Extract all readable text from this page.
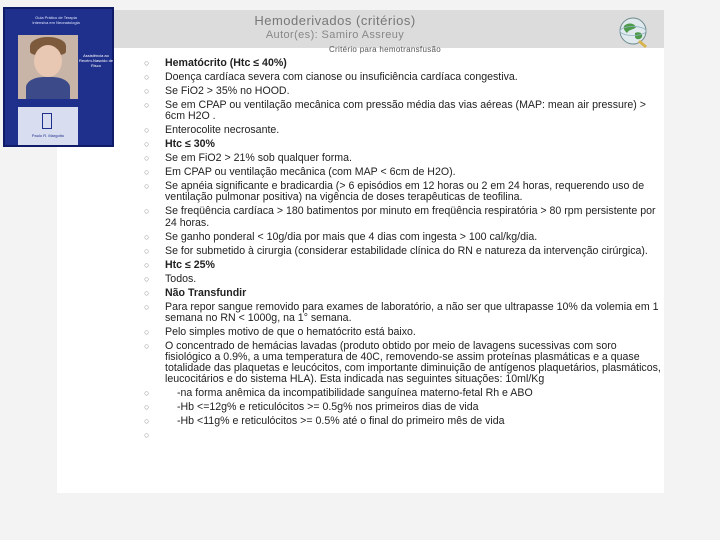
Guia Prático de Terapia Intensiva em Neonatologia
Assistência ao Recém-Nascido de Risco
Paulo R. Margotto
Hemoderivados (critérios)
Autor(es): Samiro Assreuy
Critério para hemotransfusão
○ Hematócrito (Htc ≤ 40%)
○ Doença cardíaca severa com cianose ou insuficiência cardíaca congestiva.
○ Se FiO2 > 35% no HOOD.
○ Se em CPAP ou ventilação mecânica com pressão média das vias aéreas (MAP: mean air pressure) > 6cm H2O .
○ Enterocolite necrosante.
○ Htc ≤ 30%
○ Se em FiO2 > 21% sob qualquer forma.
○ Em CPAP ou ventilação mecânica (com MAP < 6cm de H2O).
○ Se apnéia significante e bradicardia (> 6 episódios em 12 horas ou 2 em 24 horas, requerendo uso de ventilação pulmonar positiva) na vigência de doses terapêuticas de teofilina.
○ Se freqüência cardíaca > 180 batimentos por minuto em freqüência respiratória > 80 rpm persistente por 24 horas.
○ Se ganho ponderal < 10g/dia por mais que 4 dias com ingesta > 100 cal/kg/dia.
○ Se for submetido à cirurgia (considerar estabilidade clínica do RN e natureza da intervenção cirúrgica).
○ Htc ≤ 25%
○ Todos.
○ Não Transfundir
○ Para repor sangue removido para exames de laboratório, a não ser que ultrapasse 10% da volemia em 1 semana no RN < 1000g, na 1° semana.
○ Pelo simples motivo de que o hematócrito está baixo.
○ O concentrado de hemácias lavadas (produto obtido por meio de lavagens sucessivas com soro fisiológico a 0.9%, a uma temperatura de 40C, removendo-se assim proteínas plasmáticas e a quase totalidade das plaquetas e leucócitos, com importante diminuição de antígenos plaquetários, plasmáticos, leucocitários e do sistema HLA). Esta indicada nas seguintes situações: 10ml/Kg
○	-na forma anêmica da incompatibilidade sanguínea materno-fetal Rh e ABO
○	-Hb <=12g% e reticulócitos >= 0.5g% nos primeiros dias de vida
○	-Hb <11g% e reticulócitos >= 0.5% até o final do primeiro mês de vida
○
